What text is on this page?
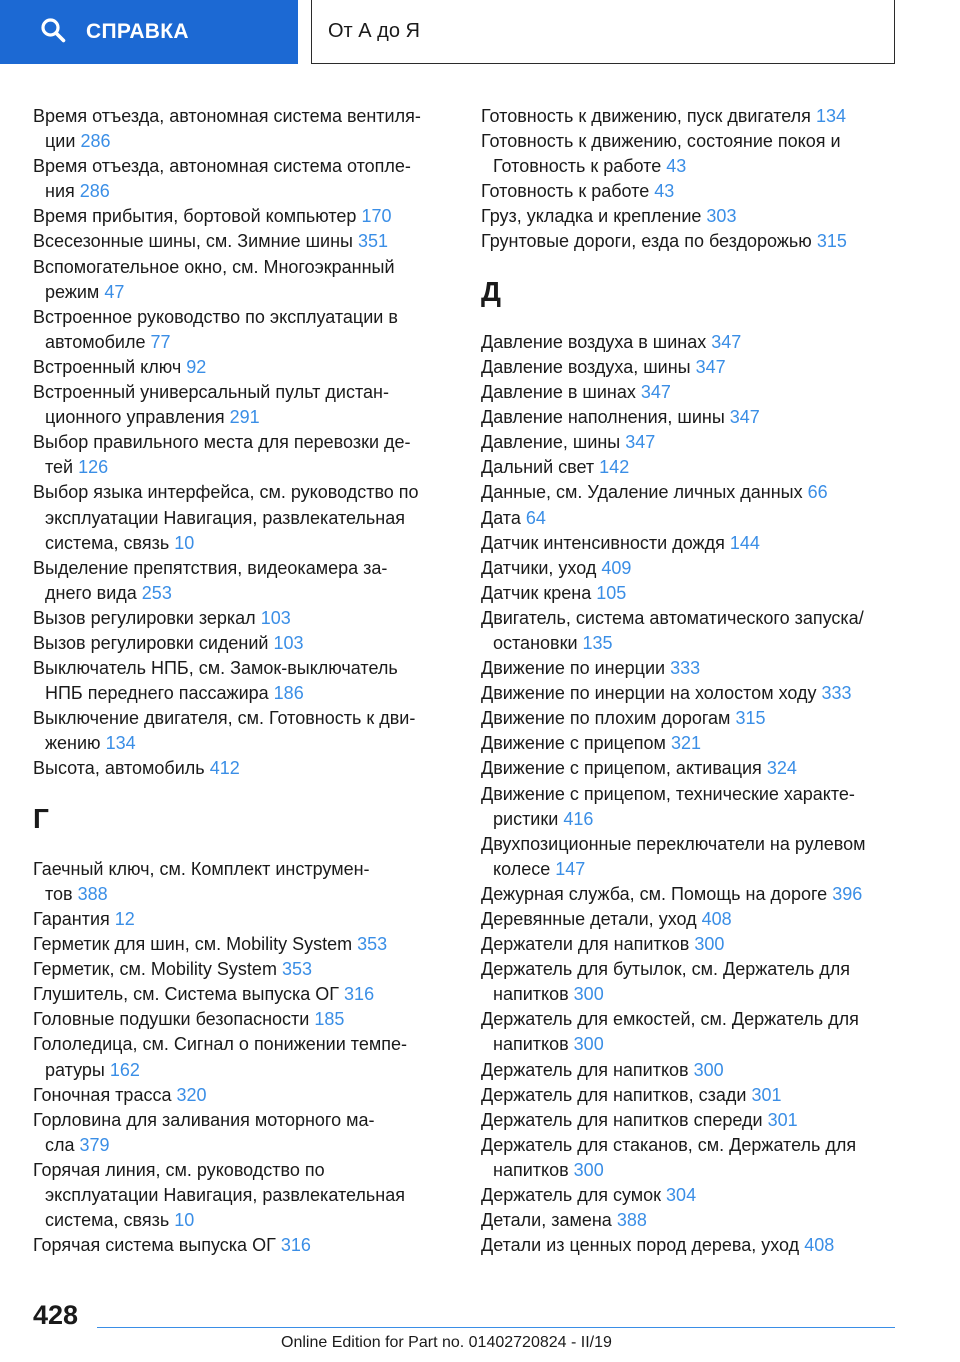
СПРАВКА	От А до Я
Время отъезда, автономная система вентиля-
ции 286
Время отъезда, автономная система отопле-
ния 286
Время прибытия, бортовой компьютер 170
Всесезонные шины, см. Зимние шины 351
Вспомогательное окно, см. Многоэкранный
режим 47
Встроенное руководство по эксплуатации в
автомобиле 77
Встроенный ключ 92
Встроенный универсальный пульт дистан-
ционного управления 291
Выбор правильного места для перевозки де-
тей 126
Выбор языка интерфейса, см. руководство по
эксплуатации Навигация, развлекательная
система, связь 10
Выделение препятствия, видеокамера за-
днего вида 253
Вызов регулировки зеркал 103
Вызов регулировки сидений 103
Выключатель НПБ, см. Замок-выключатель
НПБ переднего пассажира 186
Выключение двигателя, см. Готовность к дви-
жению 134
Высота, автомобиль 412
Г
Гаечный ключ, см. Комплект инструмен-
тов 388
Гарантия 12
Герметик для шин, см. Mobility System 353
Герметик, см. Mobility System 353
Глушитель, см. Система выпуска ОГ 316
Головные подушки безопасности 185
Гололедица, см. Сигнал о понижении темпе-
ратуры 162
Гоночная трасса 320
Горловина для заливания моторного ма-
сла 379
Горячая линия, см. руководство по
эксплуатации Навигация, развлекательная
система, связь 10
Горячая система выпуска ОГ 316
Готовность к движению, пуск двигателя 134
Готовность к движению, состояние покоя и
Готовность к работе 43
Готовность к работе 43
Груз, укладка и крепление 303
Грунтовые дороги, езда по бездорожью 315
Д
Давление воздуха в шинах 347
Давление воздуха, шины 347
Давление в шинах 347
Давление наполнения, шины 347
Давление, шины 347
Дальний свет 142
Данные, см. Удаление личных данных 66
Дата 64
Датчик интенсивности дождя 144
Датчики, уход 409
Датчик крена 105
Двигатель, система автоматического запуска/
остановки 135
Движение по инерции 333
Движение по инерции на холостом ходу 333
Движение по плохим дорогам 315
Движение с прицепом 321
Движение с прицепом, активация 324
Движение с прицепом, технические характе-
ристики 416
Двухпозиционные переключатели на рулевом
колесе 147
Дежурная служба, см. Помощь на дороге 396
Деревянные детали, уход 408
Держатели для напитков 300
Держатель для бутылок, см. Держатель для
напитков 300
Держатель для емкостей, см. Держатель для
напитков 300
Держатель для напитков 300
Держатель для напитков, сзади 301
Держатель для напитков спереди 301
Держатель для стаканов, см. Держатель для
напитков 300
Держатель для сумок 304
Детали, замена 388
Детали из ценных пород дерева, уход 408
428
Online Edition for Part no. 01402720824 - II/19
